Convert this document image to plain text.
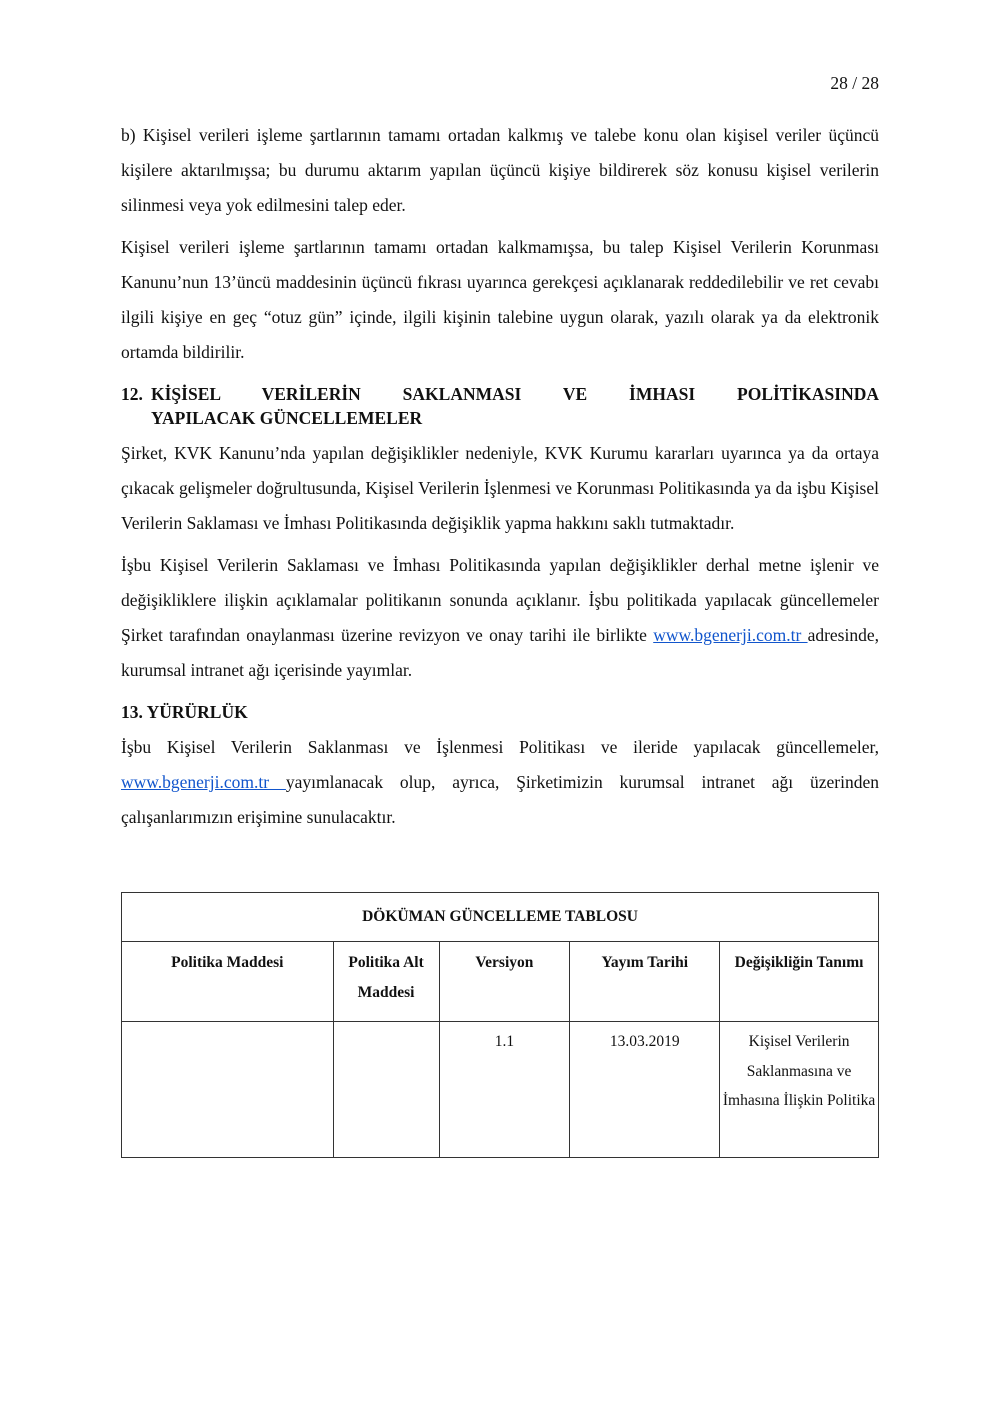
28 / 28

b) Kişisel verileri işleme şartlarının tamamı ortadan kalkmış ve talebe konu olan kişisel veriler üçüncü kişilere aktarılmışsa; bu durumu aktarım yapılan üçüncü kişiye bildirerek söz konusu kişisel verilerin silinmesi veya yok edilmesini talep eder.

Kişisel verileri işleme şartlarının tamamı ortadan kalkmamışsa, bu talep Kişisel Verilerin Korunması Kanunu’nun 13’üncü maddesinin üçüncü fıkrası uyarınca gerekçesi açıklanarak reddedilebilir ve ret cevabı ilgili kişiye en geç “otuz gün” içinde, ilgili kişinin talebine uygun olarak, yazılı olarak ya da elektronik ortamda bildirilir.

12. KİŞİSEL VERİLERİN SAKLANMASI VE İMHASI POLİTİKASINDA
YAPILACAK GÜNCELLEMELER

Şirket, KVK Kanunu’nda yapılan değişiklikler nedeniyle, KVK Kurumu kararları uyarınca ya da ortaya çıkacak gelişmeler doğrultusunda, Kişisel Verilerin İşlenmesi ve Korunması Politikasında ya da işbu Kişisel Verilerin Saklaması ve İmhası Politikasında değişiklik yapma hakkını saklı tutmaktadır.

İşbu Kişisel Verilerin Saklaması ve İmhası Politikasında yapılan değişiklikler derhal metne işlenir ve değişikliklere ilişkin açıklamalar politikanın sonunda açıklanır. İşbu politikada yapılacak güncellemeler Şirket tarafından onaylanması üzerine revizyon ve onay tarihi ile birlikte www.bgenerji.com.tr adresinde, kurumsal intranet ağı içerisinde yayımlar.

13. YÜRÜRLÜK

İşbu Kişisel Verilerin Saklanması ve İşlenmesi Politikası ve ileride yapılacak güncellemeler, www.bgenerji.com.tr yayımlanacak olup, ayrıca, Şirketimizin kurumsal intranet ağı üzerinden çalışanlarımızın erişimine sunulacaktır.

DÖKÜMAN GÜNCELLEME TABLOSU				
Politika Maddesi	Politika Alt Maddesi	Versiyon	Yayım Tarihi	Değişikliğin Tanımı
		1.1	13.03.2019	Kişisel Verilerin Saklanmasına ve İmhasına İlişkin Politika
